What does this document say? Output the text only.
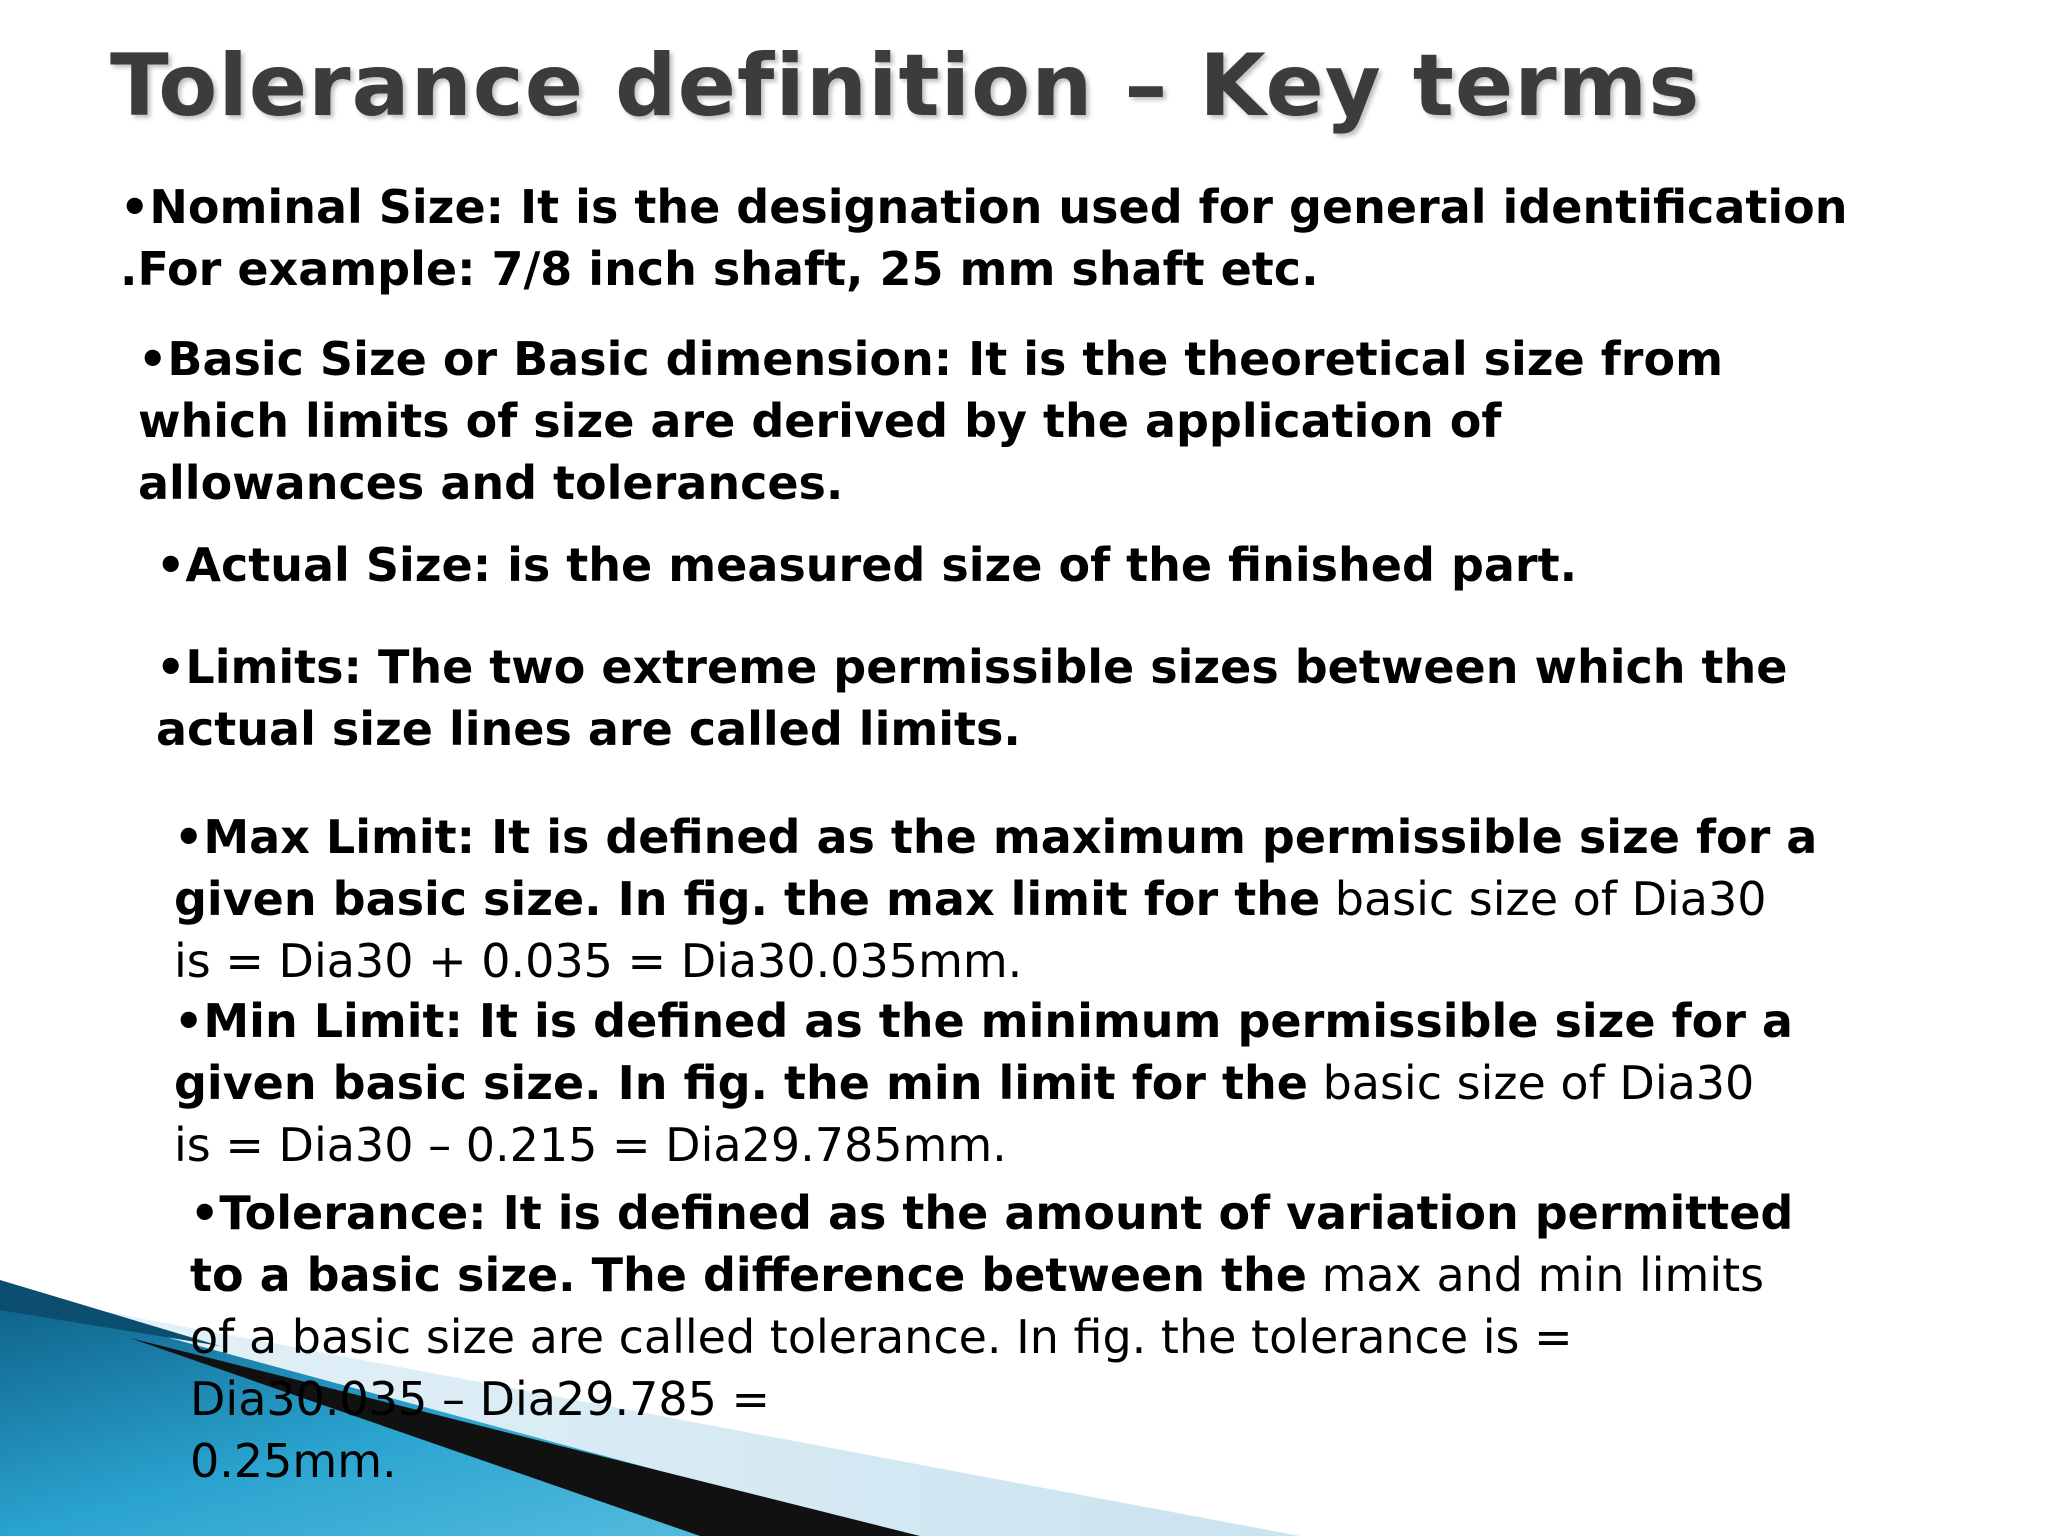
Tolerance definition – Key terms
•Nominal Size: It is the designation used for general identification
.For example: 7/8 inch shaft, 25 mm shaft etc.
•Basic Size or Basic dimension: It is the theoretical size from
which limits of size are derived by the application of
allowances and tolerances.
•Actual Size: is the measured size of the finished part.
•Limits: The two extreme permissible sizes between which the
actual size lines are called limits.
•Max Limit: It is defined as the maximum permissible size for a
given basic size. In fig. the max limit for the basic size of Dia30
is = Dia30 + 0.035 = Dia30.035mm.
•Min Limit: It is defined as the minimum permissible size for a
given basic size. In fig. the min limit for the basic size of Dia30
is = Dia30 – 0.215 = Dia29.785mm.
•Tolerance: It is defined as the amount of variation permitted
to a basic size. The difference between the max and min limits
of a basic size are called tolerance. In fig. the tolerance is =
Dia30.035 – Dia29.785 =
0.25mm.
